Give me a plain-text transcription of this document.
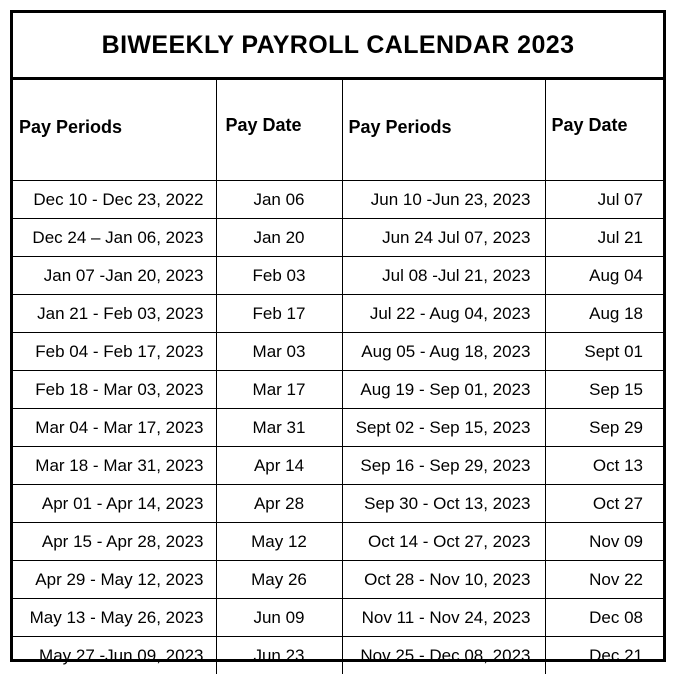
BIWEEKLY PAYROLL CALENDAR 2023
Pay Periods	Pay Date	Pay Periods	Pay Date
Dec 10 - Dec 23, 2022	Jan 06	Jun 10 -Jun 23, 2023	Jul 07
Dec 24 – Jan 06, 2023	Jan 20	Jun 24 Jul 07, 2023	Jul 21
Jan 07 -Jan 20, 2023	Feb 03	Jul 08 -Jul 21, 2023	Aug 04
Jan 21 - Feb 03, 2023	Feb 17	Jul 22 - Aug 04, 2023	Aug 18
Feb 04 - Feb 17, 2023	Mar 03	Aug 05 - Aug 18, 2023	Sept 01
Feb 18 - Mar 03, 2023	Mar 17	Aug 19 - Sep 01, 2023	Sep 15
Mar 04 - Mar 17, 2023	Mar 31	Sept 02 - Sep 15, 2023	Sep 29
Mar 18 - Mar 31, 2023	Apr 14	Sep 16 - Sep 29, 2023	Oct 13
Apr 01 - Apr 14, 2023	Apr 28	Sep 30 - Oct 13, 2023	Oct 27
Apr 15 - Apr 28, 2023	May 12	Oct 14 - Oct 27, 2023	Nov 09
Apr 29 - May 12, 2023	May 26	Oct 28 - Nov 10, 2023	Nov 22
May 13 - May 26, 2023	Jun 09	Nov 11 - Nov 24, 2023	Dec 08
May 27 -Jun 09, 2023	Jun 23	Nov 25 - Dec 08, 2023	Dec 21
